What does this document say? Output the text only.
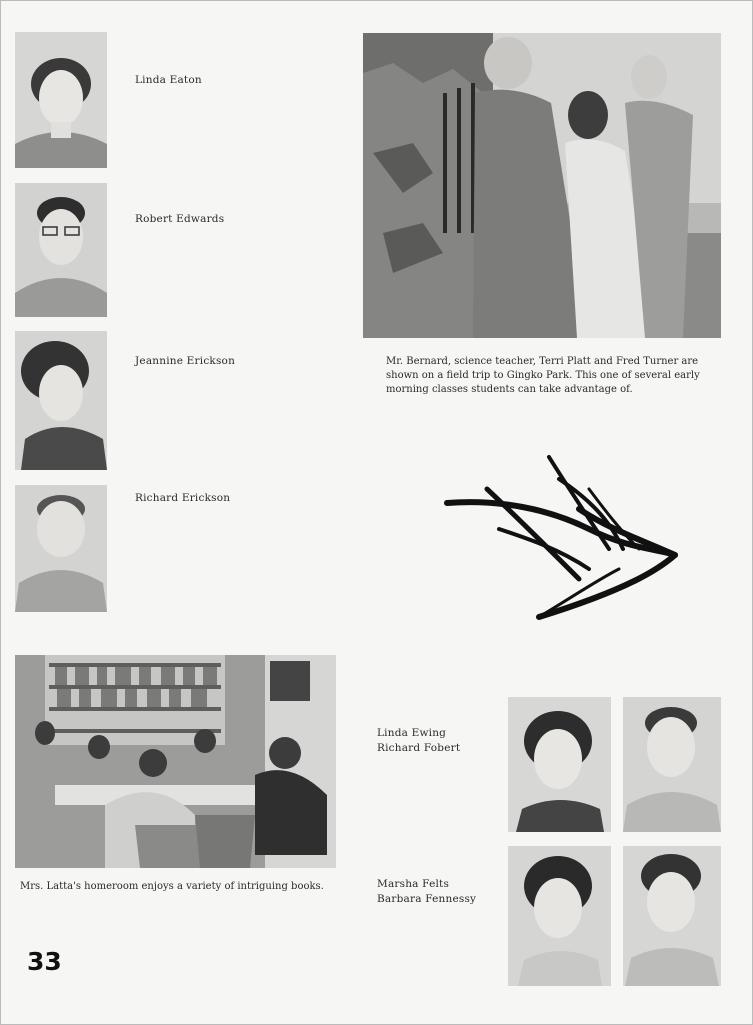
Linda Eaton
Robert Edwards
Jeannine Erickson
Richard Erickson
Mr. Bernard, science teacher, Terri Platt and Fred Turner are shown on a field trip to Gingko Park. This one of several early morning classes students can take advantage of.
Mrs. Latta's homeroom enjoys a variety of intriguing books.
Linda Ewing
Richard Fobert
Marsha Felts
Barbara Fennessy
33
